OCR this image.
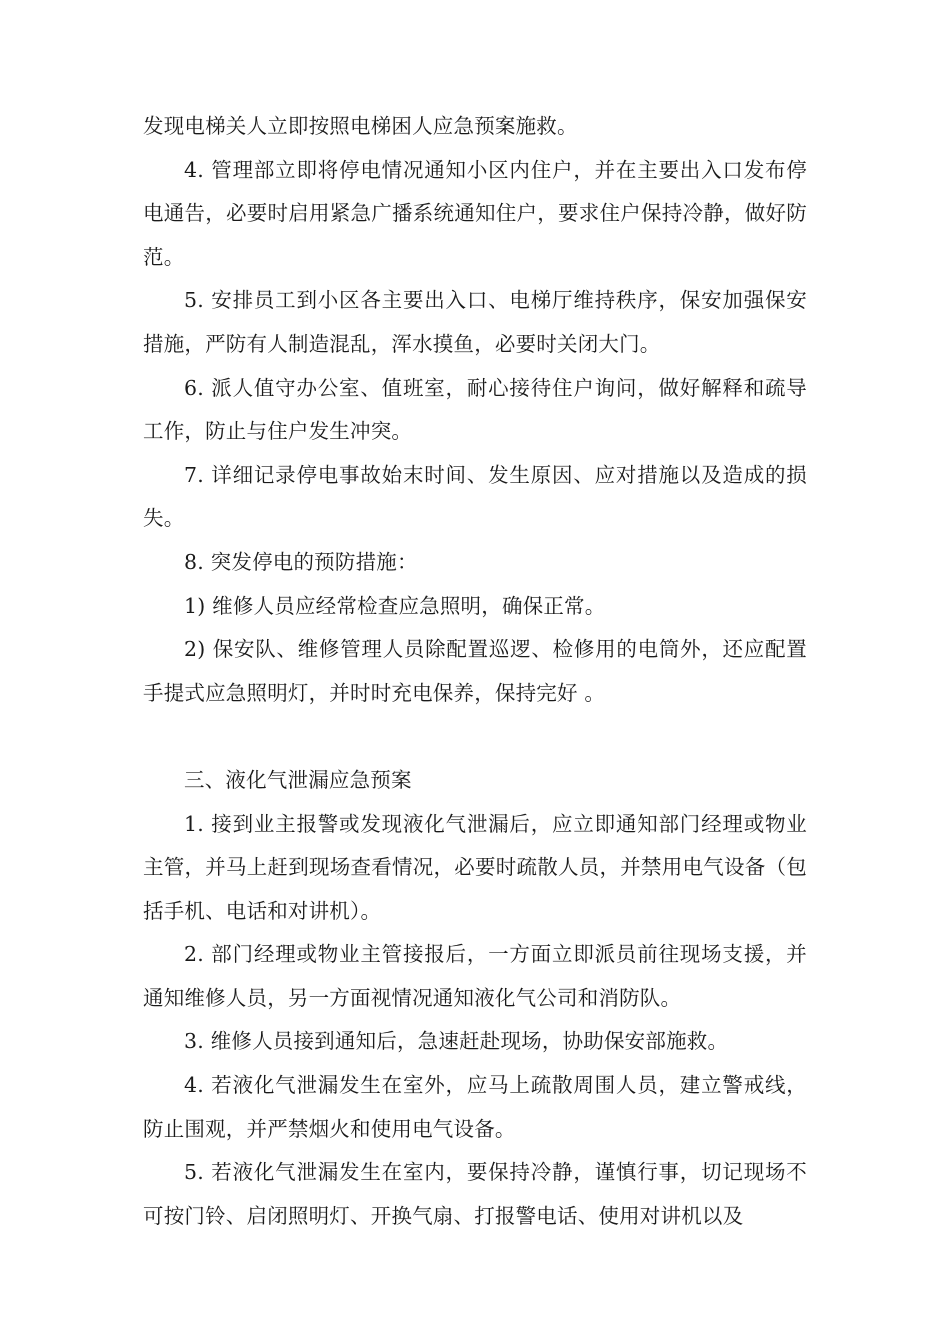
发现电梯关人立即按照电梯困人应急预案施救。

4. 管理部立即将停电情况通知小区内住户，并在主要出入口发布停电通告，必要时启用紧急广播系统通知住户，要求住户保持冷静，做好防范。

5. 安排员工到小区各主要出入口、电梯厅维持秩序，保安加强保安措施，严防有人制造混乱，浑水摸鱼，必要时关闭大门。

6. 派人值守办公室、值班室，耐心接待住户询问，做好解释和疏导工作，防止与住户发生冲突。

7. 详细记录停电事故始末时间、发生原因、应对措施以及造成的损失。

8. 突发停电的预防措施：

1) 维修人员应经常检查应急照明，确保正常。

2) 保安队、维修管理人员除配置巡逻、检修用的电筒外，还应配置手提式应急照明灯，并时时充电保养，保持完好 。

三、液化气泄漏应急预案

1. 接到业主报警或发现液化气泄漏后，应立即通知部门经理或物业主管，并马上赶到现场查看情况，必要时疏散人员，并禁用电气设备（包括手机、电话和对讲机）。

2. 部门经理或物业主管接报后，一方面立即派员前往现场支援，并通知维修人员，另一方面视情况通知液化气公司和消防队。

3. 维修人员接到通知后，急速赶赴现场，协助保安部施救。

4. 若液化气泄漏发生在室外，应马上疏散周围人员，建立警戒线，防止围观，并严禁烟火和使用电气设备。

5. 若液化气泄漏发生在室内，要保持冷静，谨慎行事，切记现场不可按门铃、启闭照明灯、开换气扇、打报警电话、使用对讲机以及
